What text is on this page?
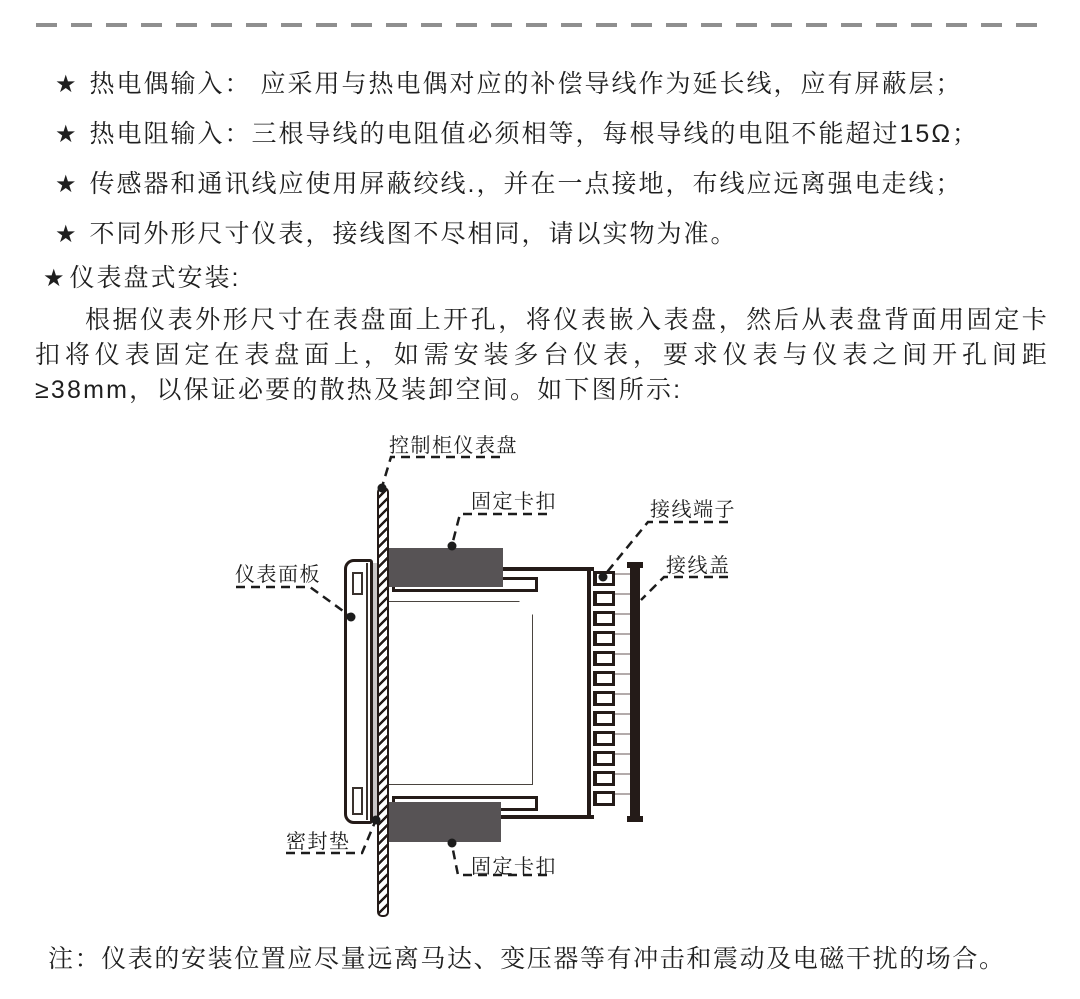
★ 热电偶输入： 应采用与热电偶对应的补偿导线作为延长线，应有屏蔽层；
★ 热电阻输入：三根导线的电阻值必须相等，每根导线的电阻不能超过15Ω；
★ 传感器和通讯线应使用屏蔽绞线.，并在一点接地，布线应远离强电走线；
★ 不同外形尺寸仪表，接线图不尽相同，请以实物为准。
★ 仪表盘式安装:
根据仪表外形尺寸在表盘面上开孔，将仪表嵌入表盘，然后从表盘背面用固定卡扣将仪表固定在表盘面上，如需安装多台仪表，要求仪表与仪表之间开孔间距≥38mm，以保证必要的散热及装卸空间。如下图所示:
控制柜仪表盘
固定卡扣	接线端子
接线盖
仪表面板
密封垫
固定卡扣
注：仪表的安装位置应尽量远离马达、变压器等有冲击和震动及电磁干扰的场合。
